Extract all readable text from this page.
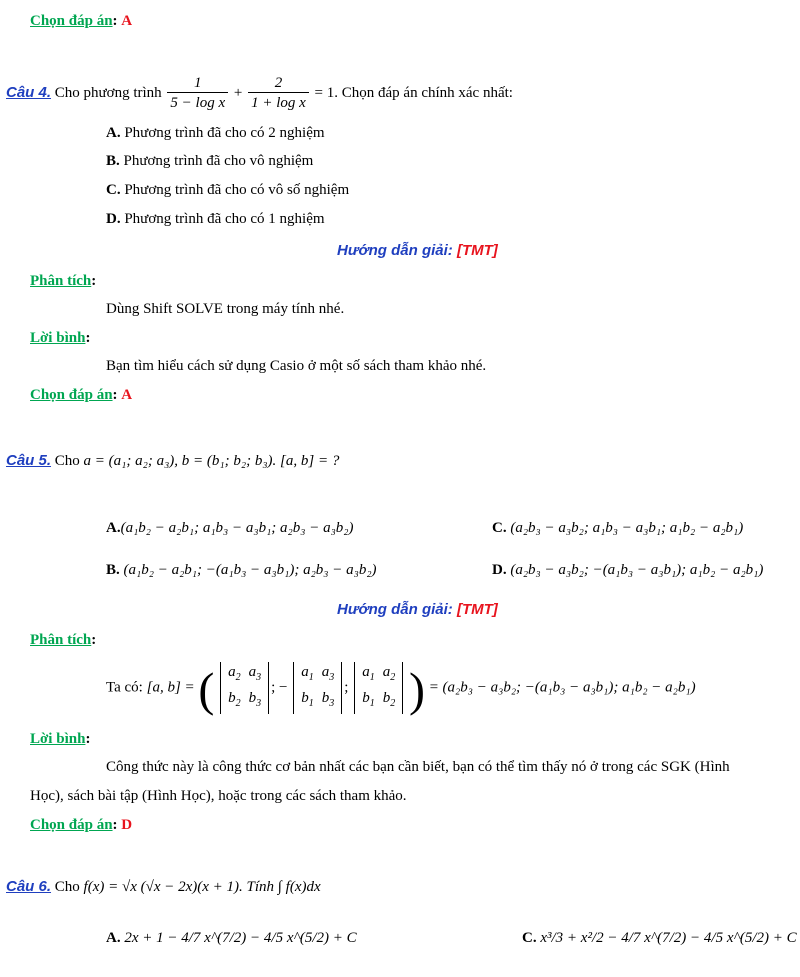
Chọn đáp án: A
Câu 4. Cho phương trình $\frac{1}{\text{5 − log x}} + \frac{2}{\text{1 + log x}} = 1$. Chọn đáp án chính xác nhất:
A. Phương trình đã cho có 2 nghiệm
B. Phương trình đã cho vô nghiệm
C. Phương trình đã cho có vô số nghiệm
D. Phương trình đã cho có 1 nghiệm
Hướng dẫn giải: [TMT]
Phân tích:
Dùng Shift SOLVE trong máy tính nhé.
Lời bình:
Bạn tìm hiểu cách sử dụng Casio ở một số sách tham khảo nhé.
Chọn đáp án: A
Câu 5. Cho a = (a₁; a₂; a₃), b = (b₁; b₂; b₃). [a, b] = ?
A.(a₁b₂ − a₂b₁; a₁b₃ − a₃b₁; a₂b₃ − a₃b₂)	C. (a₂b₃ − a₃b₂; a₁b₃ − a₃b₁; a₁b₂ − a₂b₁)
B. (a₁b₂ − a₂b₁; −(a₁b₃ − a₃b₁); a₂b₃ − a₃b₂)	D. (a₂b₃ − a₃b₂; −(a₁b₃ − a₃b₁); a₁b₂ − a₂b₁)
Hướng dẫn giải: [TMT]
Phân tích:
Ta có: [a, b] = ( $a_2$	$a_3$
$b_2$	$b_3$
; −
$a_1$	$a_3$
$b_1$	$b_3$
;
$a_1$	$a_2$
$b_1$	$b_2$ ) = (a₂b₃ − a₃b₂; −(a₁b₃ − a₃b₁); a₁b₂ − a₂b₁)
Lời bình:
Công thức này là công thức cơ bản nhất các bạn cần biết, bạn có thể tìm thấy nó ở trong các SGK (Hình
Học), sách bài tập (Hình Học), hoặc trong các sách tham khảo.
Chọn đáp án: D
Câu 6. Cho f(x) = √x (√x − 2x)(x + 1). Tính ∫ f(x)dx
A. 2x + 1 − 4/7 x^(7/2) − 4/5 x^(5/2) + C	C. x³/3 + x²/2 − 4/7 x^(7/2) − 4/5 x^(5/2) + C
